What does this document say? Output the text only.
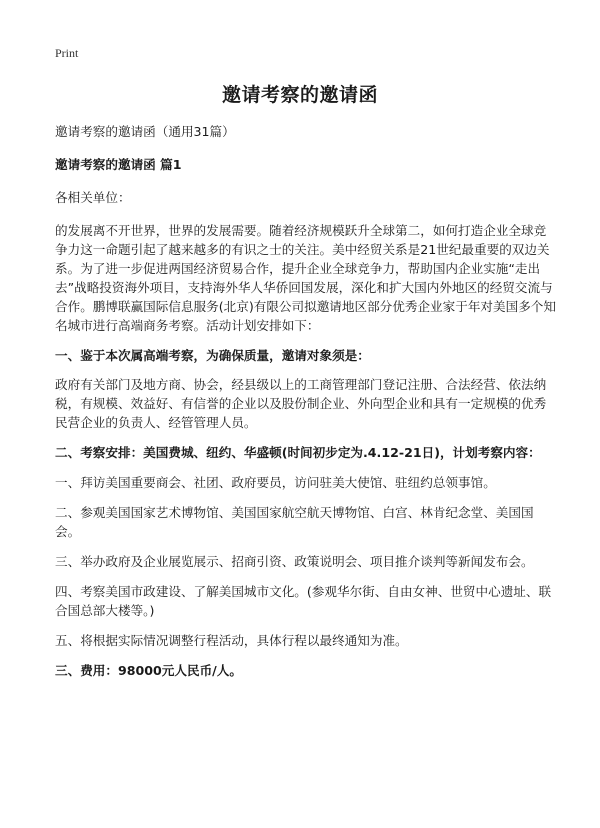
Print
邀请考察的邀请函

邀请考察的邀请函（通用31篇）

邀请考察的邀请函 篇1

各相关单位：

的发展离不开世界，世界的发展需要。随着经济规模跃升全球第二，如何打造企业全球竞争力这一命题引起了越来越多的有识之士的关注。美中经贸关系是21世纪最重要的双边关系。为了进一步促进两国经济贸易合作，提升企业全球竞争力，帮助国内企业实施“走出去”战略投资海外项目，支持海外华人华侨回国发展，深化和扩大国内外地区的经贸交流与合作。鹏博联赢国际信息服务(北京)有限公司拟邀请地区部分优秀企业家于年对美国多个知名城市进行高端商务考察。活动计划安排如下：

一、鉴于本次属高端考察，为确保质量，邀请对象须是：

政府有关部门及地方商、协会，经县级以上的工商管理部门登记注册、合法经营、依法纳税，有规模、效益好、有信誉的企业以及股份制企业、外向型企业和具有一定规模的优秀民营企业的负责人、经管管理人员。

二、考察安排：美国费城、纽约、华盛顿(时间初步定为.4.12-21日)，计划考察内容：

一、拜访美国重要商会、社团、政府要员，访问驻美大使馆、驻纽约总领事馆。

二、参观美国国家艺术博物馆、美国国家航空航天博物馆、白宫、林肯纪念堂、美国国会。

三、举办政府及企业展览展示、招商引资、政策说明会、项目推介谈判等新闻发布会。

四、考察美国市政建设、了解美国城市文化。(参观华尔街、自由女神、世贸中心遗址、联合国总部大楼等。)

五、将根据实际情况调整行程活动，具体行程以最终通知为准。

三、费用：98000元人民币/人。
